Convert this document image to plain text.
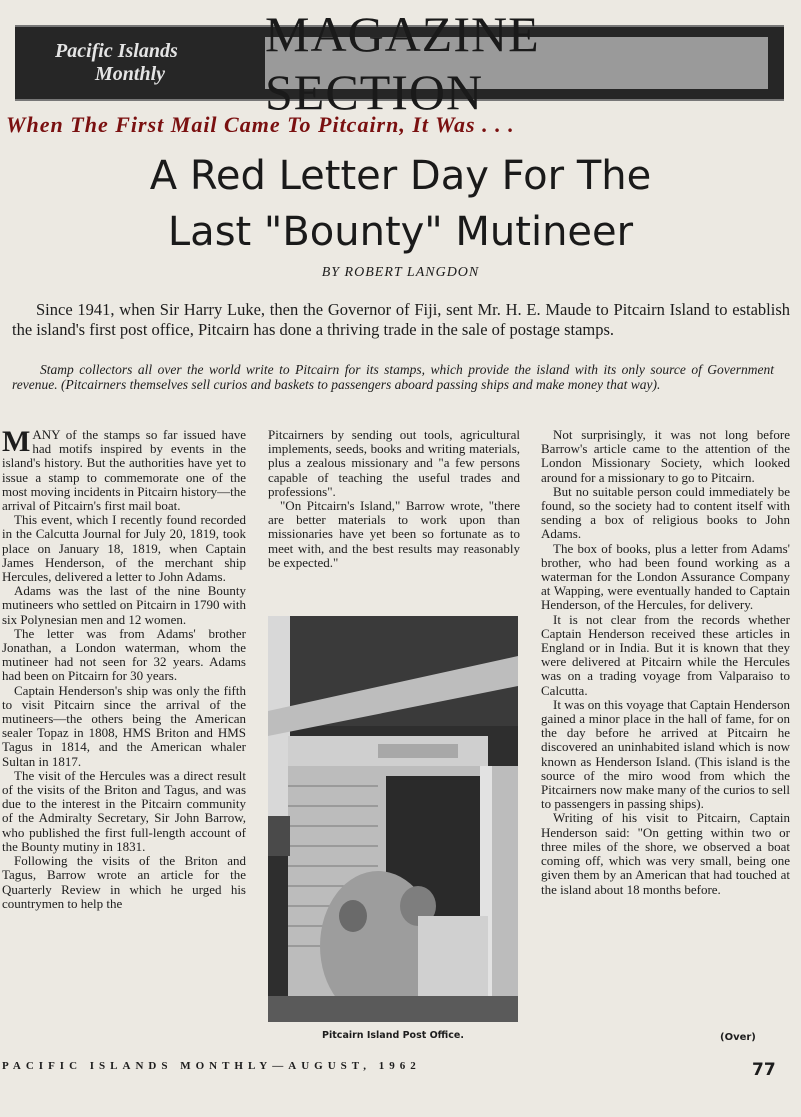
Pacific Islands
Monthly
MAGAZINE SECTION
When The First Mail Came To Pitcairn, It Was . . .
A Red Letter Day For The
Last "Bounty" Mutineer
BY ROBERT LANGDON
Since 1941, when Sir Harry Luke, then the Governor of Fiji, sent Mr. H. E. Maude to Pitcairn Island to establish the island's first post office, Pitcairn has done a thriving trade in the sale of postage stamps.
Stamp collectors all over the world write to Pitcairn for its stamps, which provide the island with its only source of Government revenue. (Pitcairners themselves sell curios and baskets to passengers aboard passing ships and make money that way).

MANY of the stamps so far issued have had motifs inspired by events in the island's history. But the authorities have yet to issue a stamp to commemorate one of the most moving incidents in Pitcairn history—the arrival of Pitcairn's first mail boat.

This event, which I recently found recorded in the Calcutta Journal for July 20, 1819, took place on January 18, 1819, when Captain James Henderson, of the merchant ship Hercules, delivered a letter to John Adams.

Adams was the last of the nine Bounty mutineers who settled on Pitcairn in 1790 with six Polynesian men and 12 women.

The letter was from Adams' brother Jonathan, a London waterman, whom the mutineer had not seen for 32 years. Adams had been on Pitcairn for 30 years.

Captain Henderson's ship was only the fifth to visit Pitcairn since the arrival of the mutineers—the others being the American sealer Topaz in 1808, HMS Briton and HMS Tagus in 1814, and the American whaler Sultan in 1817.

The visit of the Hercules was a direct result of the visits of the Briton and Tagus, and was due to the interest in the Pitcairn community of the Admiralty Secretary, Sir John Barrow, who published the first full-length account of the Bounty mutiny in 1831.

Following the visits of the Briton and Tagus, Barrow wrote an article for the Quarterly Review in which he urged his countrymen to help the

Pitcairners by sending out tools, agricultural implements, seeds, books and writing materials, plus a zealous missionary and "a few persons capable of teaching the useful trades and professions".

"On Pitcairn's Island," Barrow wrote, "there are better materials to work upon than missionaries have yet been so fortunate as to meet with, and the best results may reasonably be expected."

Pitcairn Island Post Office.

Not surprisingly, it was not long before Barrow's article came to the attention of the London Missionary Society, which looked around for a missionary to go to Pitcairn.

But no suitable person could immediately be found, so the society had to content itself with sending a box of religious books to John Adams.

The box of books, plus a letter from Adams' brother, who had been found working as a waterman for the London Assurance Company at Wapping, were eventually handed to Captain Henderson, of the Hercules, for delivery.

It is not clear from the records whether Captain Henderson received these articles in England or in India. But it is known that they were delivered at Pitcairn while the Hercules was on a trading voyage from Valparaiso to Calcutta.

It was on this voyage that Captain Henderson gained a minor place in the hall of fame, for on the day before he arrived at Pitcairn he discovered an uninhabited island which is now known as Henderson Island. (This island is the source of the miro wood from which the Pitcairners now make many of the curios to sell to passengers in passing ships).

Writing of his visit to Pitcairn, Captain Henderson said: "On getting within two or three miles of the shore, we observed a boat coming off, which was very small, being one given them by an American that had touched at the island about 18 months before.

(Over)
PACIFIC ISLANDS MONTHLY—AUGUST, 1962	77
